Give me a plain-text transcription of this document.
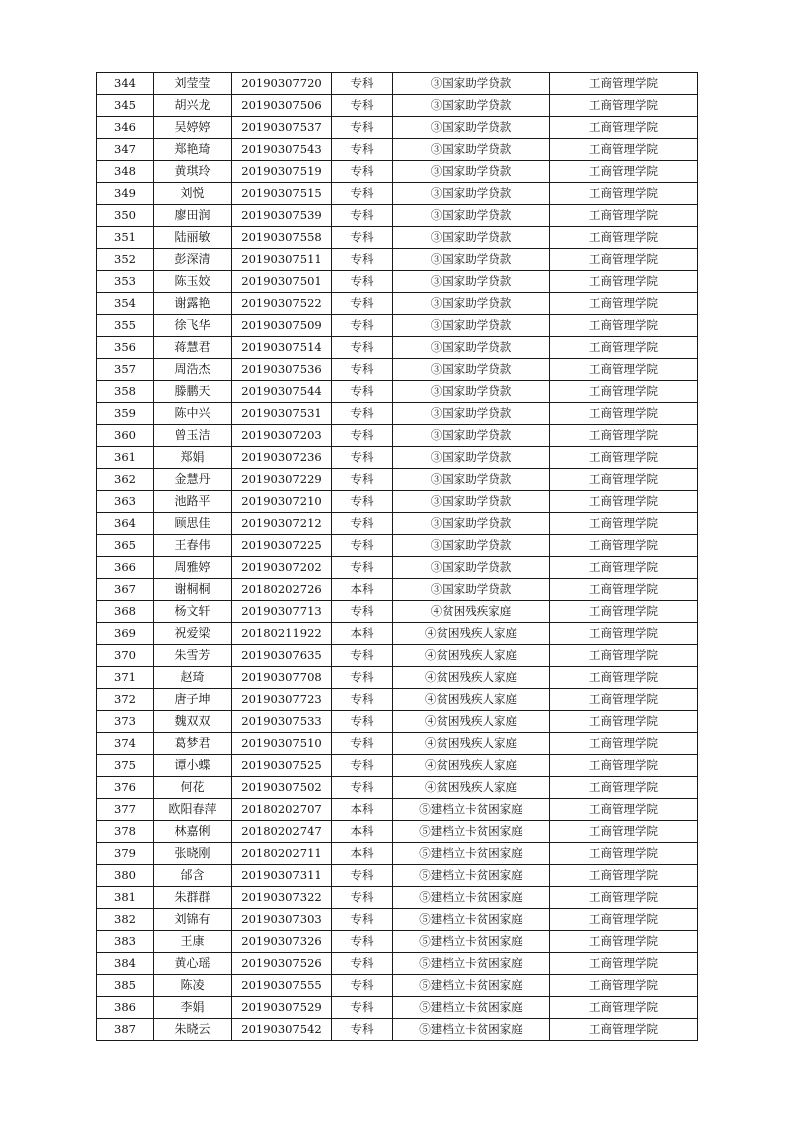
344	刘莹莹	20190307720	专科	③国家助学贷款	工商管理学院
345	胡兴龙	20190307506	专科	③国家助学贷款	工商管理学院
346	吴婷婷	20190307537	专科	③国家助学贷款	工商管理学院
347	郑艳琦	20190307543	专科	③国家助学贷款	工商管理学院
348	黄琪玲	20190307519	专科	③国家助学贷款	工商管理学院
349	刘悦	20190307515	专科	③国家助学贷款	工商管理学院
350	廖田润	20190307539	专科	③国家助学贷款	工商管理学院
351	陆丽敏	20190307558	专科	③国家助学贷款	工商管理学院
352	彭深清	20190307511	专科	③国家助学贷款	工商管理学院
353	陈玉姣	20190307501	专科	③国家助学贷款	工商管理学院
354	谢露艳	20190307522	专科	③国家助学贷款	工商管理学院
355	徐飞华	20190307509	专科	③国家助学贷款	工商管理学院
356	蒋慧君	20190307514	专科	③国家助学贷款	工商管理学院
357	周浩杰	20190307536	专科	③国家助学贷款	工商管理学院
358	滕鹏天	20190307544	专科	③国家助学贷款	工商管理学院
359	陈中兴	20190307531	专科	③国家助学贷款	工商管理学院
360	曾玉洁	20190307203	专科	③国家助学贷款	工商管理学院
361	郑娟	20190307236	专科	③国家助学贷款	工商管理学院
362	金慧丹	20190307229	专科	③国家助学贷款	工商管理学院
363	池路平	20190307210	专科	③国家助学贷款	工商管理学院
364	顾思佳	20190307212	专科	③国家助学贷款	工商管理学院
365	王春伟	20190307225	专科	③国家助学贷款	工商管理学院
366	周雅婷	20190307202	专科	③国家助学贷款	工商管理学院
367	谢桐桐	20180202726	本科	③国家助学贷款	工商管理学院
368	杨文轩	20190307713	专科	④贫困残疾家庭	工商管理学院
369	祝爱梁	20180211922	本科	④贫困残疾人家庭	工商管理学院
370	朱雪芳	20190307635	专科	④贫困残疾人家庭	工商管理学院
371	赵琦	20190307708	专科	④贫困残疾人家庭	工商管理学院
372	唐子坤	20190307723	专科	④贫困残疾人家庭	工商管理学院
373	魏双双	20190307533	专科	④贫困残疾人家庭	工商管理学院
374	葛梦君	20190307510	专科	④贫困残疾人家庭	工商管理学院
375	谭小蝶	20190307525	专科	④贫困残疾人家庭	工商管理学院
376	何花	20190307502	专科	④贫困残疾人家庭	工商管理学院
377	欧阳春萍	20180202707	本科	⑤建档立卡贫困家庭	工商管理学院
378	林嘉俐	20180202747	本科	⑤建档立卡贫困家庭	工商管理学院
379	张晓刚	20180202711	本科	⑤建档立卡贫困家庭	工商管理学院
380	邰含	20190307311	专科	⑤建档立卡贫困家庭	工商管理学院
381	朱群群	20190307322	专科	⑤建档立卡贫困家庭	工商管理学院
382	刘锦有	20190307303	专科	⑤建档立卡贫困家庭	工商管理学院
383	王康	20190307326	专科	⑤建档立卡贫困家庭	工商管理学院
384	黄心瑶	20190307526	专科	⑤建档立卡贫困家庭	工商管理学院
385	陈凌	20190307555	专科	⑤建档立卡贫困家庭	工商管理学院
386	李娟	20190307529	专科	⑤建档立卡贫困家庭	工商管理学院
387	朱晓云	20190307542	专科	⑤建档立卡贫困家庭	工商管理学院
